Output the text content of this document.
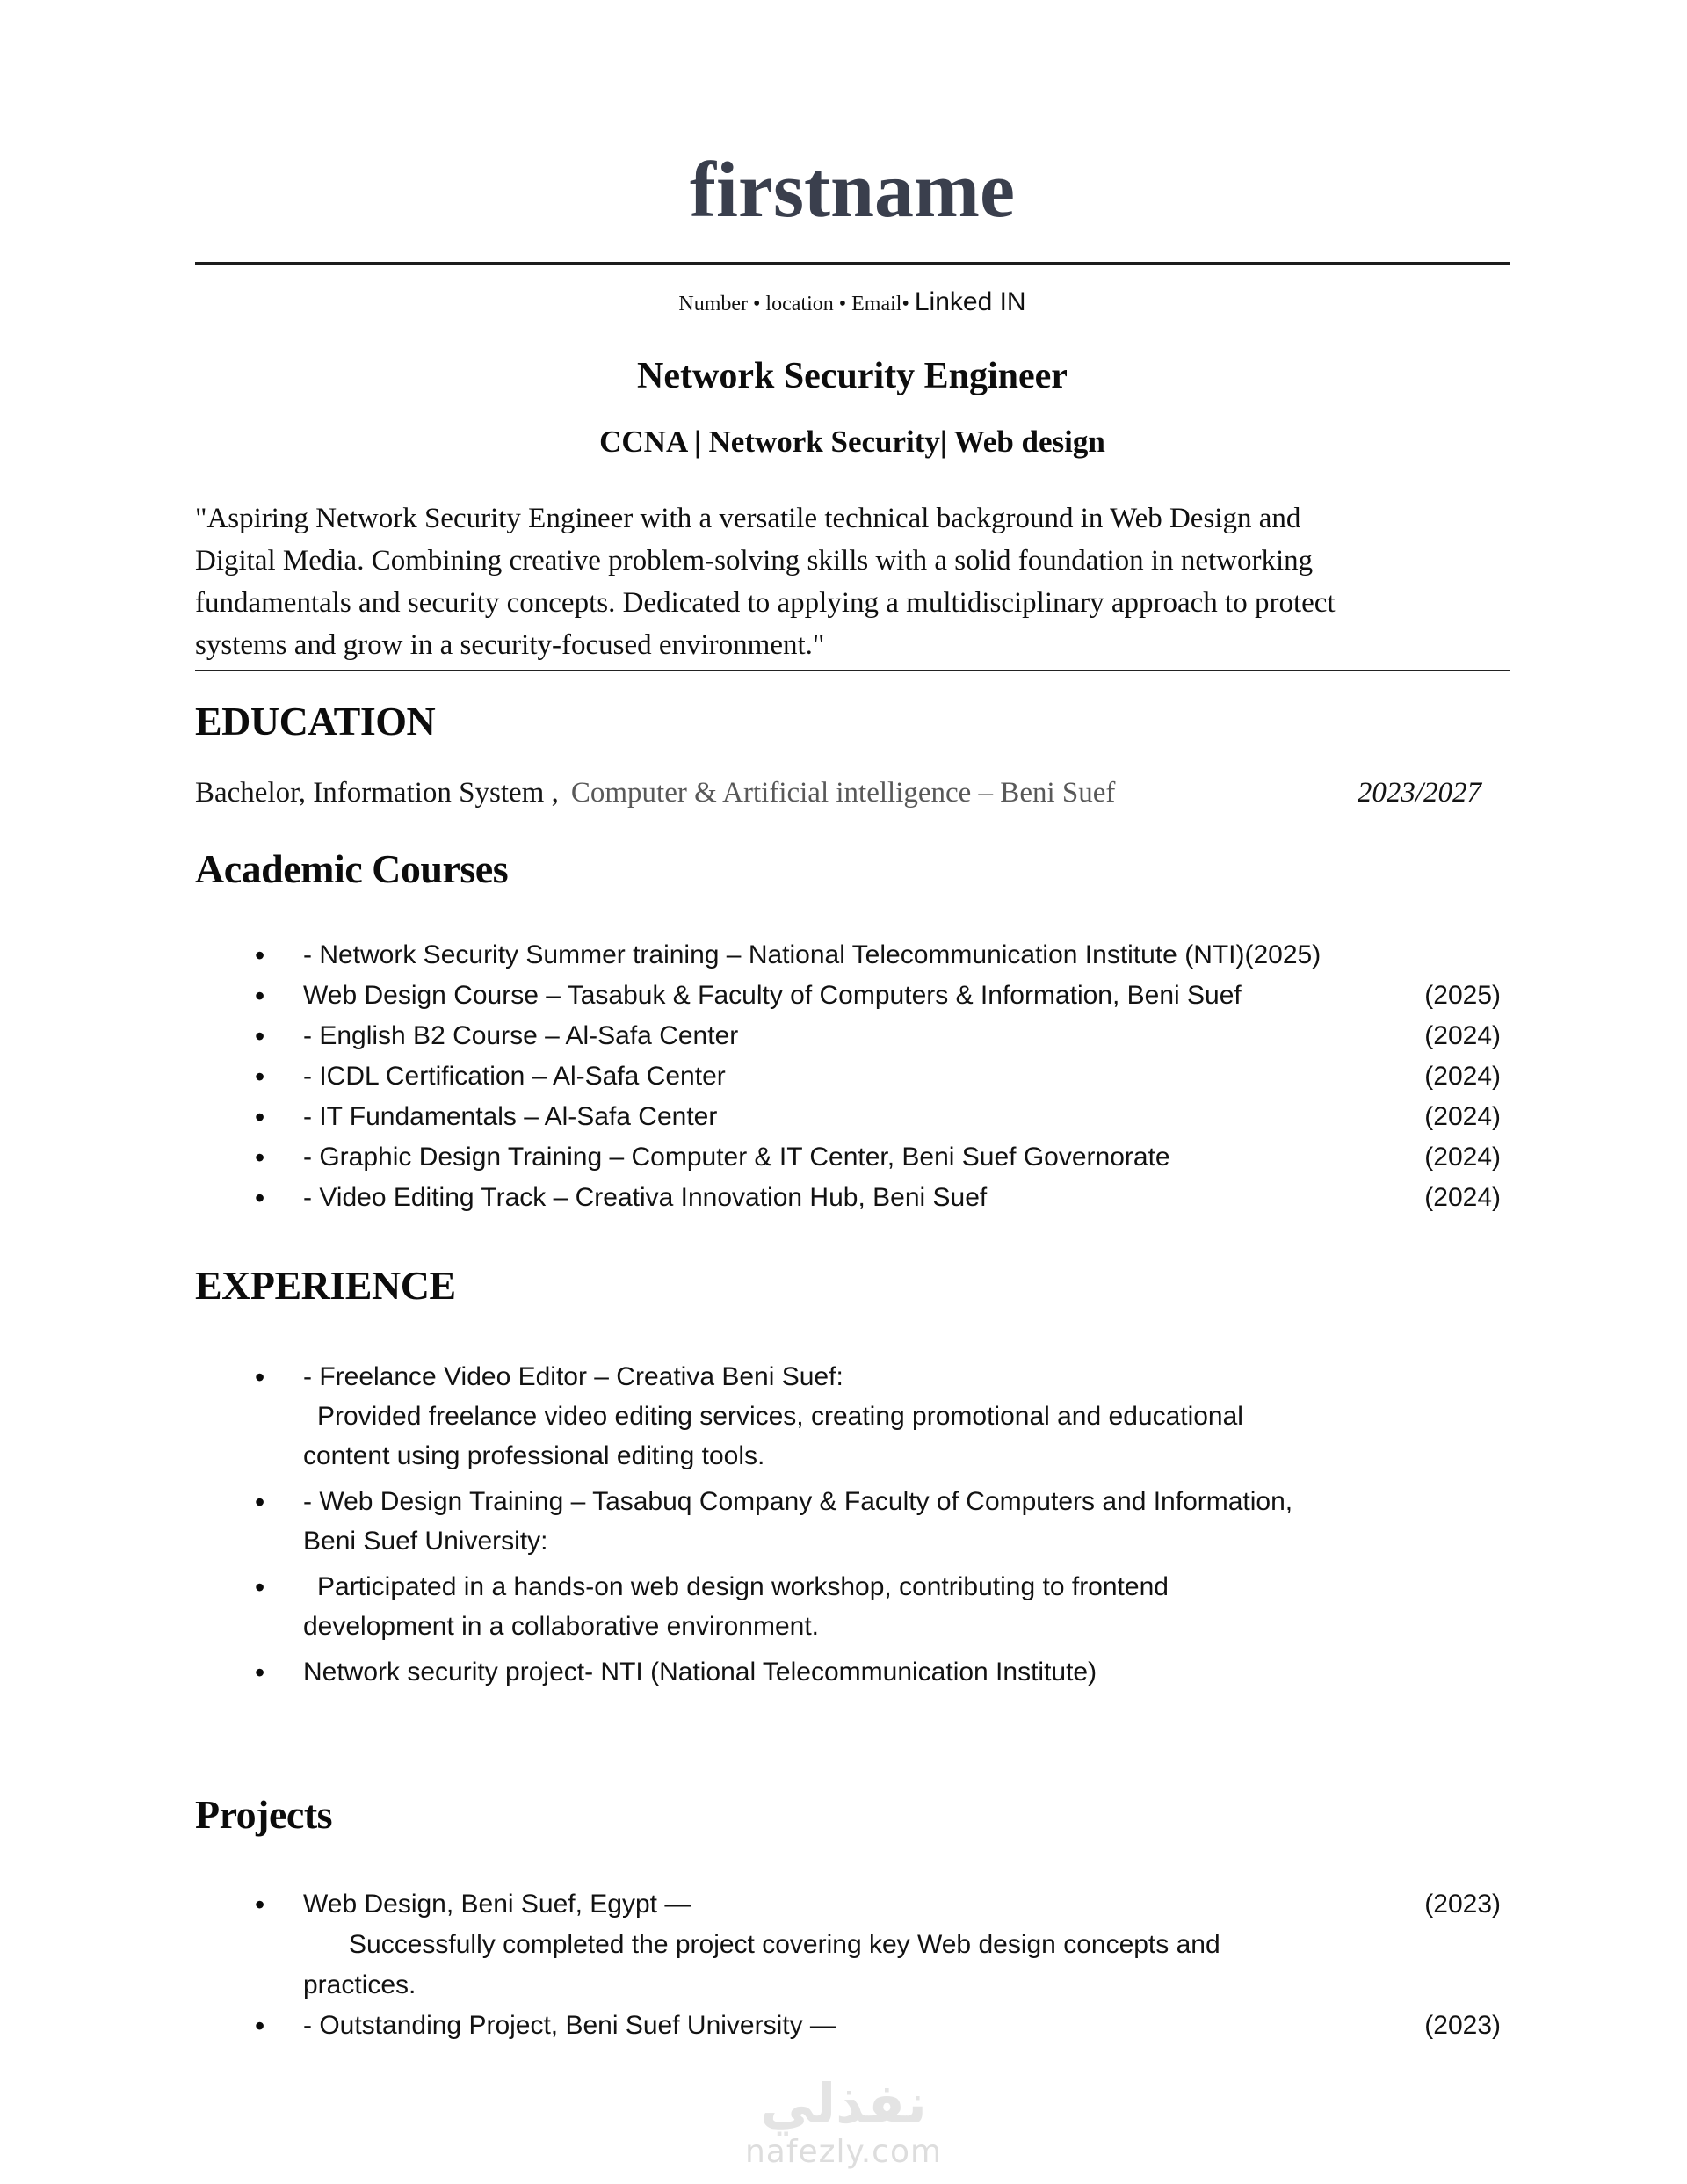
firstname
Number • location • Email• Linked IN
Network Security Engineer
CCNA | Network Security| Web design
"Aspiring Network Security Engineer with a versatile technical background in Web Design and
Digital Media. Combining creative problem-solving skills with a solid foundation in networking
fundamentals and security concepts. Dedicated to applying a multidisciplinary approach to protect
systems and grow in a security-focused environment."
EDUCATION
Bachelor, Information System , Computer & Artificial intelligence – Beni Suef	2023/2027
Academic Courses
•	- Network Security Summer training – National Telecommunication Institute (NTI)(2025)
•	Web Design Course – Tasabuk & Faculty of Computers & Information, Beni Suef	(2025)
•	- English B2 Course – Al-Safa Center	(2024)
•	- ICDL Certification – Al-Safa Center	(2024)
•	- IT Fundamentals – Al-Safa Center	(2024)
•	- Graphic Design Training – Computer & IT Center, Beni Suef Governorate	(2024)
•	- Video Editing Track – Creativa Innovation Hub, Beni Suef	(2024)
EXPERIENCE
•	- Freelance Video Editor – Creativa Beni Suef:
Provided freelance video editing services, creating promotional and educational
content using professional editing tools.
•	- Web Design Training – Tasabuq Company & Faculty of Computers and Information,
Beni Suef University:
•	Participated in a hands-on web design workshop, contributing to frontend
development in a collaborative environment.
•	Network security project- NTI (National Telecommunication Institute)
Projects
•	Web Design, Beni Suef, Egypt —	(2023)
Successfully completed the project covering key Web design concepts and
practices.
•	- Outstanding Project, Beni Suef University —	(2023)
نفذلي
nafezly.com
